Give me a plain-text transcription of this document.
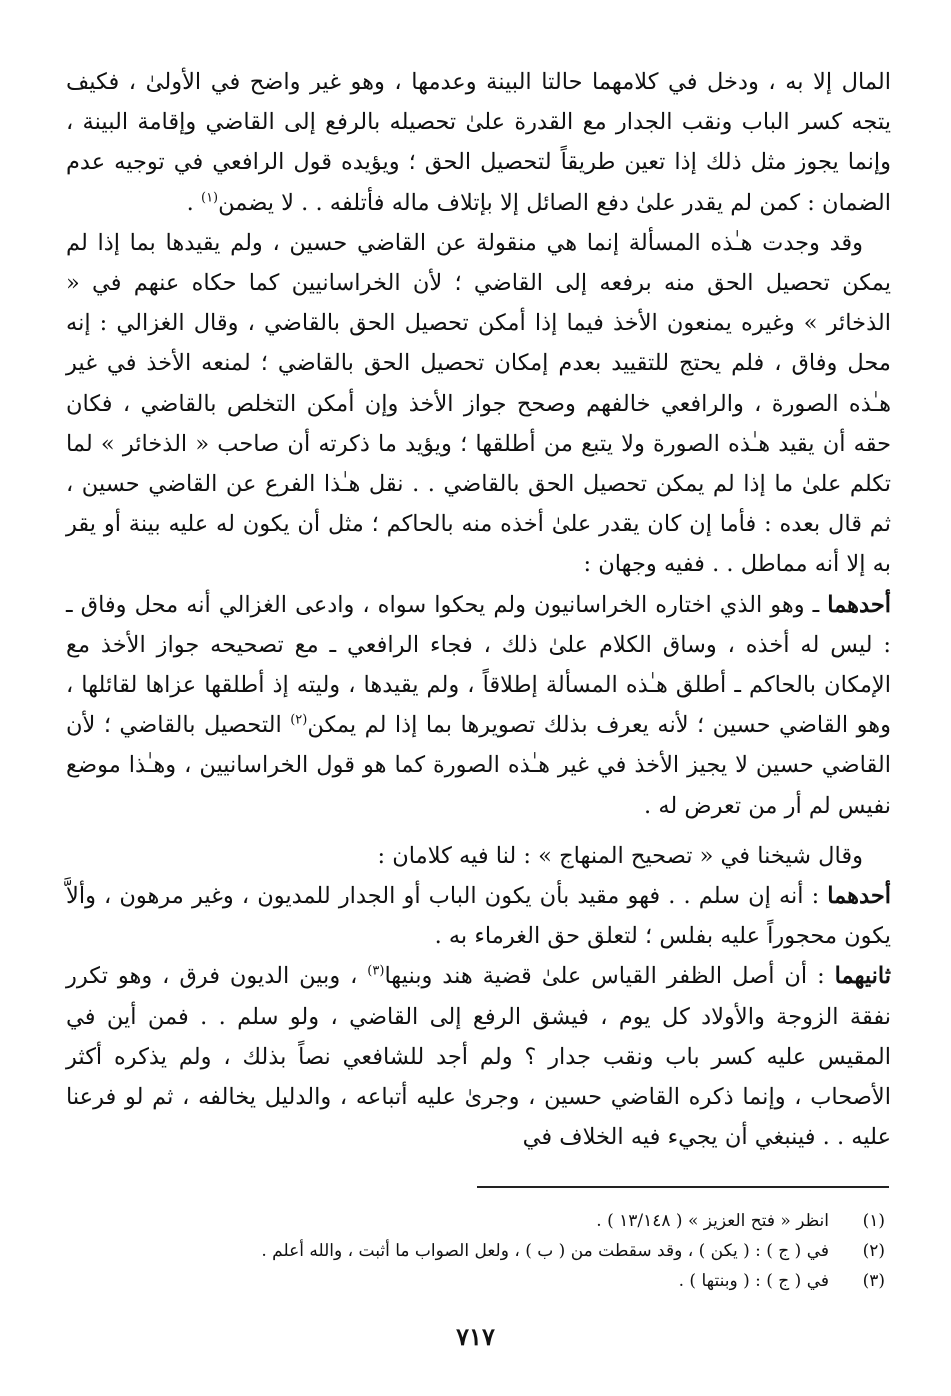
المال إلا به ، ودخل في كلامهما حالتا البينة وعدمها ، وهو غير واضح في الأولىٰ ، فكيف يتجه كسر الباب ونقب الجدار مع القدرة علىٰ تحصيله بالرفع إلى القاضي وإقامة البينة ، وإنما يجوز مثل ذلك إذا تعين طريقاً لتحصيل الحق ؛ ويؤيده قول الرافعي في توجيه عدم الضمان : كمن لم يقدر علىٰ دفع الصائل إلا بإتلاف ماله فأتلفه . . لا يضمن$^{(١)}$ .

وقد وجدت هـٰذه المسألة إنما هي منقولة عن القاضي حسين ، ولم يقيدها بما إذا لم يمكن تحصيل الحق منه برفعه إلى القاضي ؛ لأن الخراسانيين كما حكاه عنهم في « الذخائر » وغيره يمنعون الأخذ فيما إذا أمكن تحصيل الحق بالقاضي ، وقال الغزالي : إنه محل وفاق ، فلم يحتج للتقييد بعدم إمكان تحصيل الحق بالقاضي ؛ لمنعه الأخذ في غير هـٰذه الصورة ، والرافعي خالفهم وصحح جواز الأخذ وإن أمكن التخلص بالقاضي ، فكان حقه أن يقيد هـٰذه الصورة ولا يتبع من أطلقها ؛ ويؤيد ما ذكرته أن صاحب « الذخائر » لما تكلم علىٰ ما إذا لم يمكن تحصيل الحق بالقاضي . . نقل هـٰذا الفرع عن القاضي حسين ، ثم قال بعده : فأما إن كان يقدر علىٰ أخذه منه بالحاكم ؛ مثل أن يكون له عليه بينة أو يقر به إلا أنه مماطل . . ففيه وجهان :

أحدهما ـ وهو الذي اختاره الخراسانيون ولم يحكوا سواه ، وادعى الغزالي أنه محل وفاق ـ : ليس له أخذه ، وساق الكلام علىٰ ذلك ، فجاء الرافعي ـ مع تصحيحه جواز الأخذ مع الإمكان بالحاكم ـ أطلق هـٰذه المسألة إطلاقاً ، ولم يقيدها ، وليته إذ أطلقها عزاها لقائلها ، وهو القاضي حسين ؛ لأنه يعرف بذلك تصويرها بما إذا لم يمكن$^{(٢)}$ التحصيل بالقاضي ؛ لأن القاضي حسين لا يجيز الأخذ في غير هـٰذه الصورة كما هو قول الخراسانيين ، وهـٰذا موضع نفيس لم أر من تعرض له .

وقال شيخنا في « تصحيح المنهاج » : لنا فيه كلامان :

أحدهما : أنه إن سلم . . فهو مقيد بأن يكون الباب أو الجدار للمديون ، وغير مرهون ، وألاَّ يكون محجوراً عليه بفلس ؛ لتعلق حق الغرماء به .

ثانيهما : أن أصل الظفر القياس علىٰ قضية هند وبنيها$^{(٣)}$ ، وبين الديون فرق ، وهو تكرر نفقة الزوجة والأولاد كل يوم ، فيشق الرفع إلى القاضي ، ولو سلم . . فمن أين في المقيس عليه كسر باب ونقب جدار ؟ ولم أجد للشافعي نصاً بذلك ، ولم يذكره أكثر الأصحاب ، وإنما ذكره القاضي حسين ، وجرىٰ عليه أتباعه ، والدليل يخالفه ، ثم لو فرعنا عليه . . فينبغي أن يجيء فيه الخلاف في

(١)
انظر « فتح العزيز » ( ١٣/١٤٨ ) .
(٢)
في ( ج ) : ( يكن ) ، وقد سقطت من ( ب ) ، ولعل الصواب ما أثبت ، والله أعلم .
(٣)
في ( ج ) : ( وبنتها ) .
٧١٧
